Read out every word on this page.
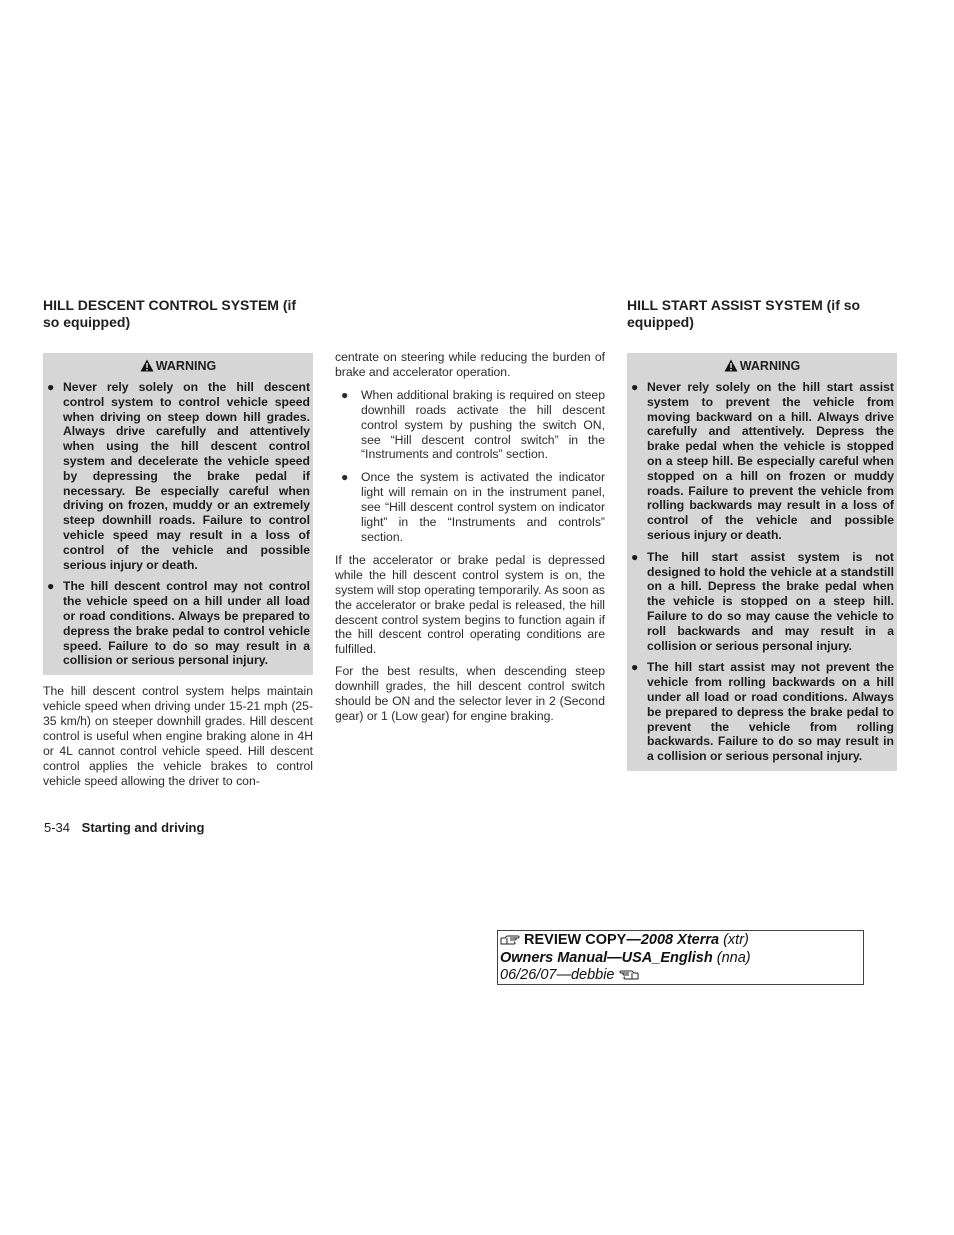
HILL DESCENT CONTROL SYSTEM (if so equipped)
WARNING
● Never rely solely on the hill descent control system to control vehicle speed when driving on steep down hill grades. Always drive carefully and attentively when using the hill descent control system and decelerate the vehicle speed by depressing the brake pedal if necessary. Be especially careful when driving on frozen, muddy or an extremely steep downhill roads. Failure to control vehicle speed may result in a loss of control of the vehicle and possible serious injury or death.
● The hill descent control may not control the vehicle speed on a hill under all load or road conditions. Always be prepared to depress the brake pedal to control vehicle speed. Failure to do so may result in a collision or serious personal injury.

The hill descent control system helps maintain vehicle speed when driving under 15-21 mph (25-35 km/h) on steeper downhill grades. Hill descent control is useful when engine braking alone in 4H or 4L cannot control vehicle speed. Hill descent control applies the vehicle brakes to control vehicle speed allowing the driver to con-

centrate on steering while reducing the burden of brake and accelerator operation.

●	When additional braking is required on steep downhill roads activate the hill descent control system by pushing the switch ON, see “Hill descent control switch” in the “Instruments and controls” section.
●	Once the system is activated the indicator light will remain on in the instrument panel, see “Hill descent control system on indicator light” in the “Instruments and controls” section.

If the accelerator or brake pedal is depressed while the hill descent control system is on, the system will stop operating temporarily. As soon as the accelerator or brake pedal is released, the hill descent control system begins to function again if the hill descent control operating conditions are fulfilled.

For the best results, when descending steep downhill grades, the hill descent control switch should be ON and the selector lever in 2 (Second gear) or 1 (Low gear) for engine braking.

HILL START ASSIST SYSTEM (if so equipped)
WARNING
● Never rely solely on the hill start assist system to prevent the vehicle from moving backward on a hill. Always drive carefully and attentively. Depress the brake pedal when the vehicle is stopped on a steep hill. Be especially careful when stopped on a hill on frozen or muddy roads. Failure to prevent the vehicle from rolling backwards may result in a loss of control of the vehicle and possible serious injury or death.
● The hill start assist system is not designed to hold the vehicle at a standstill on a hill. Depress the brake pedal when the vehicle is stopped on a steep hill. Failure to do so may cause the vehicle to roll backwards and may result in a collision or serious personal injury.
● The hill start assist may not prevent the vehicle from rolling backwards on a hill under all load or road conditions. Always be prepared to depress the brake pedal to prevent the vehicle from rolling backwards. Failure to do so may result in a collision or serious personal injury.
5-34 Starting and driving
REVIEW COPY—2008 Xterra (xtr)
Owners Manual—USA_English (nna)
06/26/07—debbie
